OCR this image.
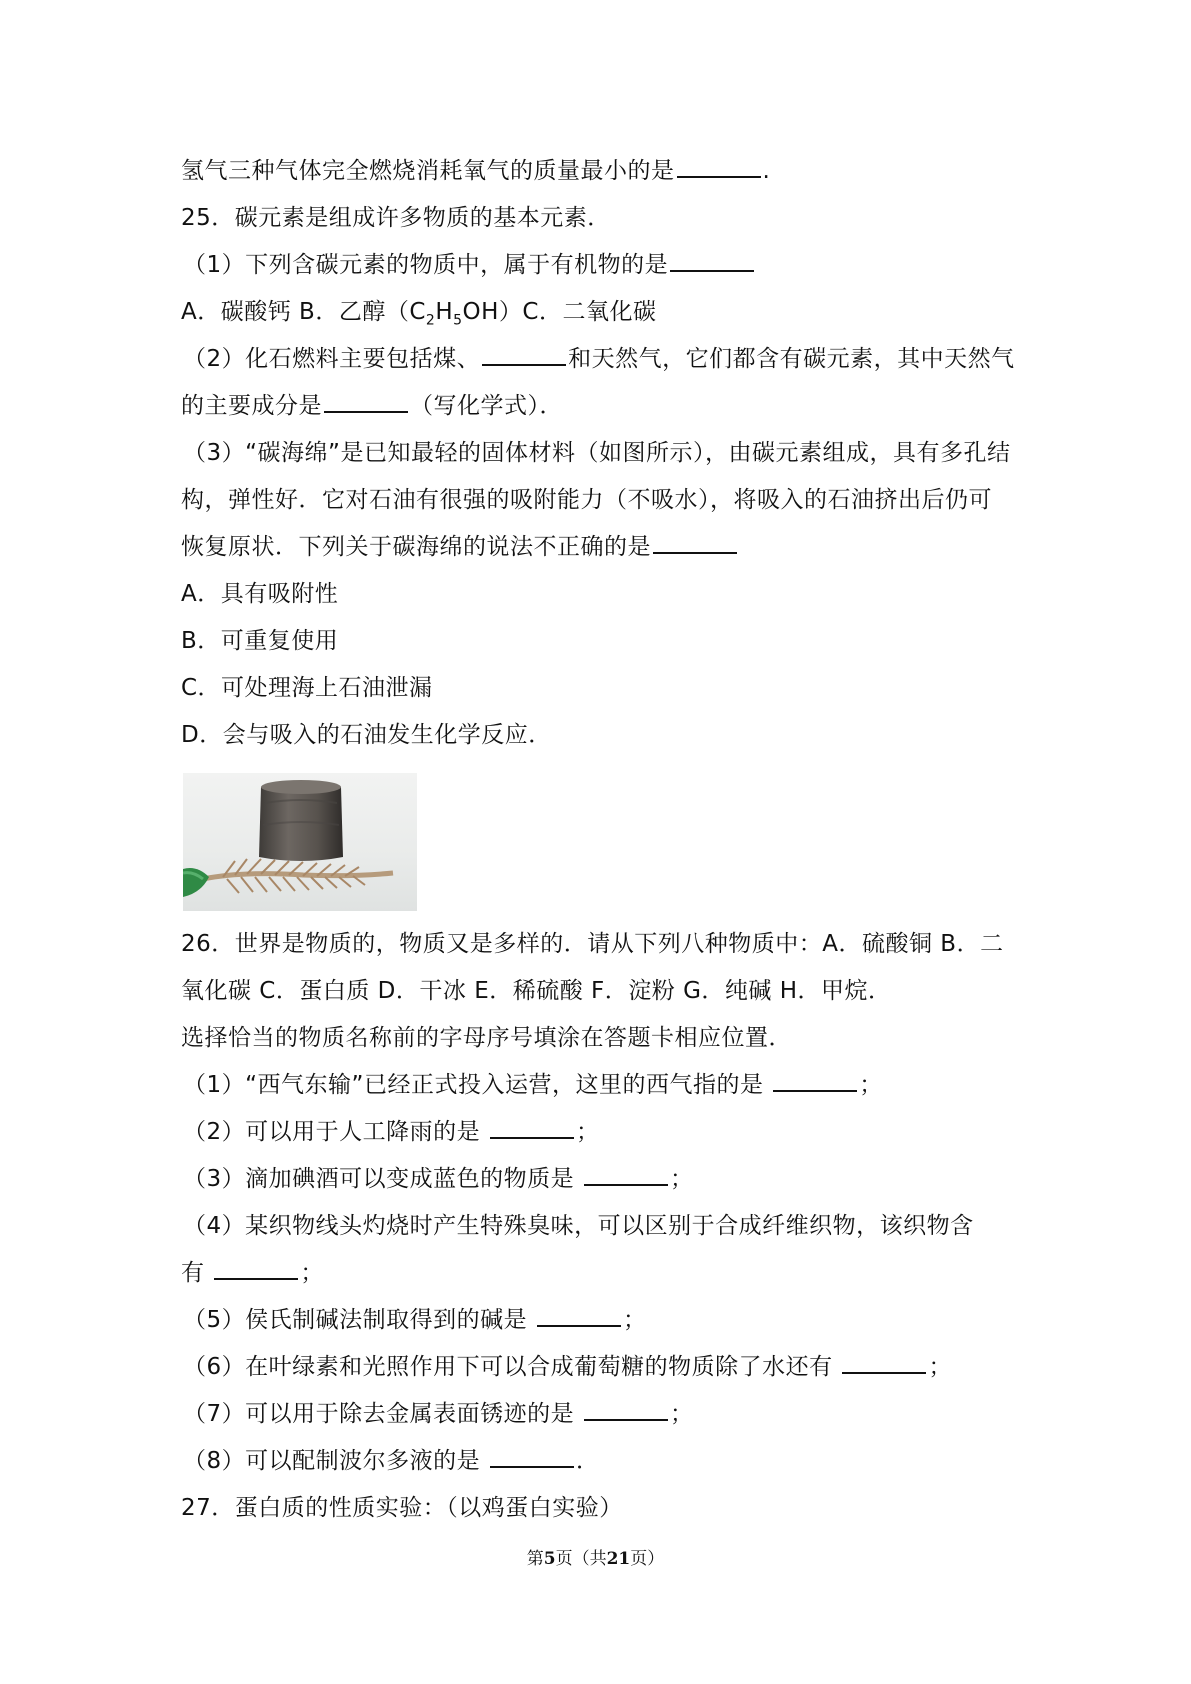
氢气三种气体完全燃烧消耗氧气的质量最小的是	.
25．碳元素是组成许多物质的基本元素．
（1）下列含碳元素的物质中，属于有机物的是
A．碳酸钙 B．乙醇$(C_2H_5OH)C$．二氧化碳
（2）化石燃料主要包括煤、	和天然气，它们都含有碳元素，其中天然气
的主要成分是	（写化学式）．
（3）“碳海绵”是已知最轻的固体材料（如图所示），由碳元素组成，具有多孔结
构，弹性好．它对石油有很强的吸附能力（不吸水），将吸入的石油挤出后仍可
恢复原状．下列关于碳海绵的说法不正确的是
A．具有吸附性
B．可重复使用
C．可处理海上石油泄漏
D．会与吸入的石油发生化学反应．
26．世界是物质的，物质又是多样的．请从下列八种物质中：A．硫酸铜 B．二
氧化碳 C．蛋白质 D．干冰 E．稀硫酸 F．淀粉 G．纯碱 H．甲烷．
选择恰当的物质名称前的字母序号填涂在答题卡相应位置．
（1）“西气东输”已经正式投入运营，这里的西气指的是	；
（2）可以用于人工降雨的是	；
（3）滴加碘酒可以变成蓝色的物质是	；
（4）某织物线头灼烧时产生特殊臭味，可以区别于合成纤维织物，该织物含
有	；
（5）侯氏制碱法制取得到的碱是	；
（6）在叶绿素和光照作用下可以合成葡萄糖的物质除了水还有	；
（7）可以用于除去金属表面锈迹的是	；
（8）可以配制波尔多液的是	．
27．蛋白质的性质实验：（以鸡蛋白实验）
第5页（共21页）
